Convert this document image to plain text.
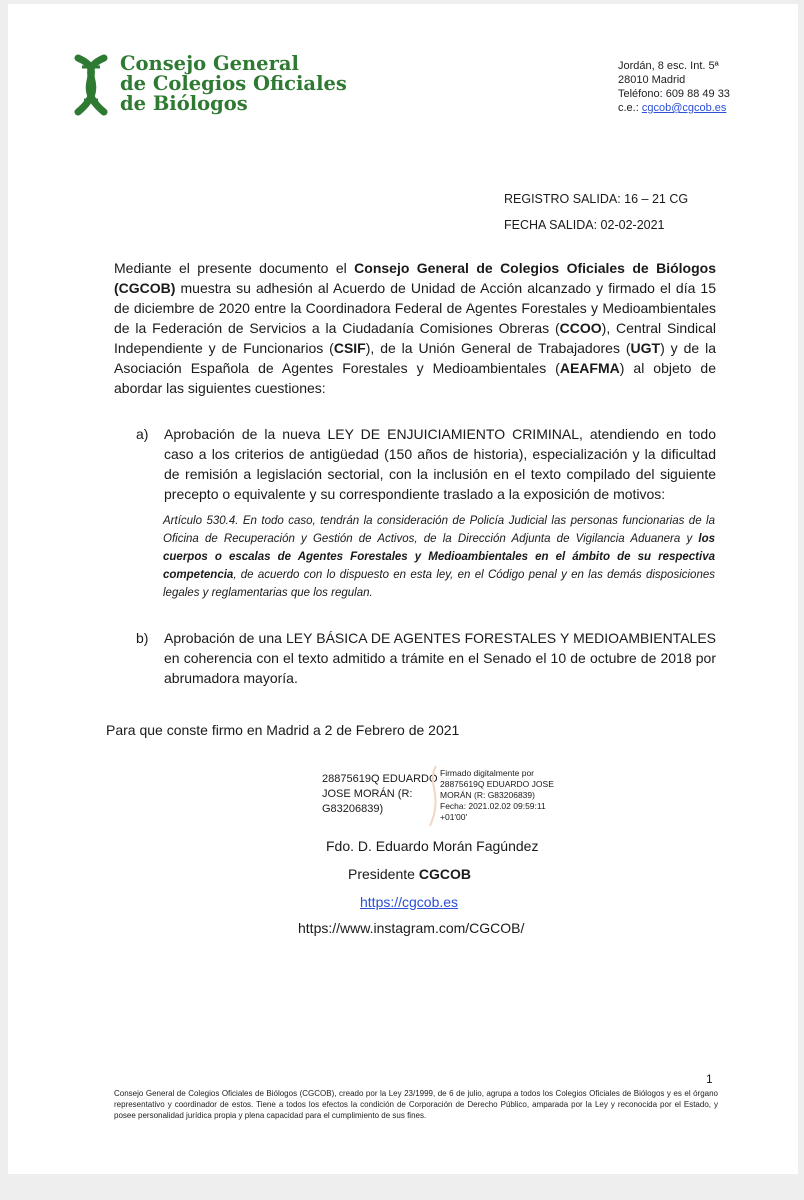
Consejo General
de Colegios Oficiales
de Biólogos
Jordán, 8 esc. Int. 5ª
28010 Madrid
Teléfono: 609 88 49 33
c.e.: cgcob@cgcob.es
REGISTRO SALIDA: 16 – 21 CG
FECHA SALIDA: 02-02-2021
Mediante el presente documento el Consejo General de Colegios Oficiales de Biólogos (CGCOB) muestra su adhesión al Acuerdo de Unidad de Acción alcanzado y firmado el día 15 de diciembre de 2020 entre la Coordinadora Federal de Agentes Forestales y Medioambientales de la Federación de Servicios a la Ciudadanía Comisiones Obreras (CCOO), Central Sindical Independiente y de Funcionarios (CSIF), de la Unión General de Trabajadores (UGT) y de la Asociación Española de Agentes Forestales y Medioambientales (AEAFMA) al objeto de abordar las siguientes cuestiones:
a) Aprobación de la nueva LEY DE ENJUICIAMIENTO CRIMINAL, atendiendo en todo caso a los criterios de antigüedad (150 años de historia), especialización y la dificultad de remisión a legislación sectorial, con la inclusión en el texto compilado del siguiente precepto o equivalente y su correspondiente traslado a la exposición de motivos:
Artículo 530.4. En todo caso, tendrán la consideración de Policía Judicial las personas funcionarias de la Oficina de Recuperación y Gestión de Activos, de la Dirección Adjunta de Vigilancia Aduanera y los cuerpos o escalas de Agentes Forestales y Medioambientales en el ámbito de su respectiva competencia, de acuerdo con lo dispuesto en esta ley, en el Código penal y en las demás disposiciones legales y reglamentarias que los regulan.
b) Aprobación de una LEY BÁSICA DE AGENTES FORESTALES Y MEDIOAMBIENTALES en coherencia con el texto admitido a trámite en el Senado el 10 de octubre de 2018 por abrumadora mayoría.
Para que conste firmo en Madrid a 2 de Febrero de 2021
28875619Q EDUARDO
JOSE MORÁN (R:
G83206839)
Firmado digitalmente por
28875619Q EDUARDO JOSE
MORÁN (R: G83206839)
Fecha: 2021.02.02 09:59:11
+01'00'
Fdo. D. Eduardo Morán Fagúndez
Presidente CGCOB
https://cgcob.es
https://www.instagram.com/CGCOB/
1
Consejo General de Colegios Oficiales de Biólogos (CGCOB), creado por la Ley 23/1999, de 6 de julio, agrupa a todos los Colegios Oficiales de Biólogos y es el órgano representativo y coordinador de estos. Tiene a todos los efectos la condición de Corporación de Derecho Público, amparada por la Ley y reconocida por el Estado, y posee personalidad jurídica propia y plena capacidad para el cumplimiento de sus fines.
